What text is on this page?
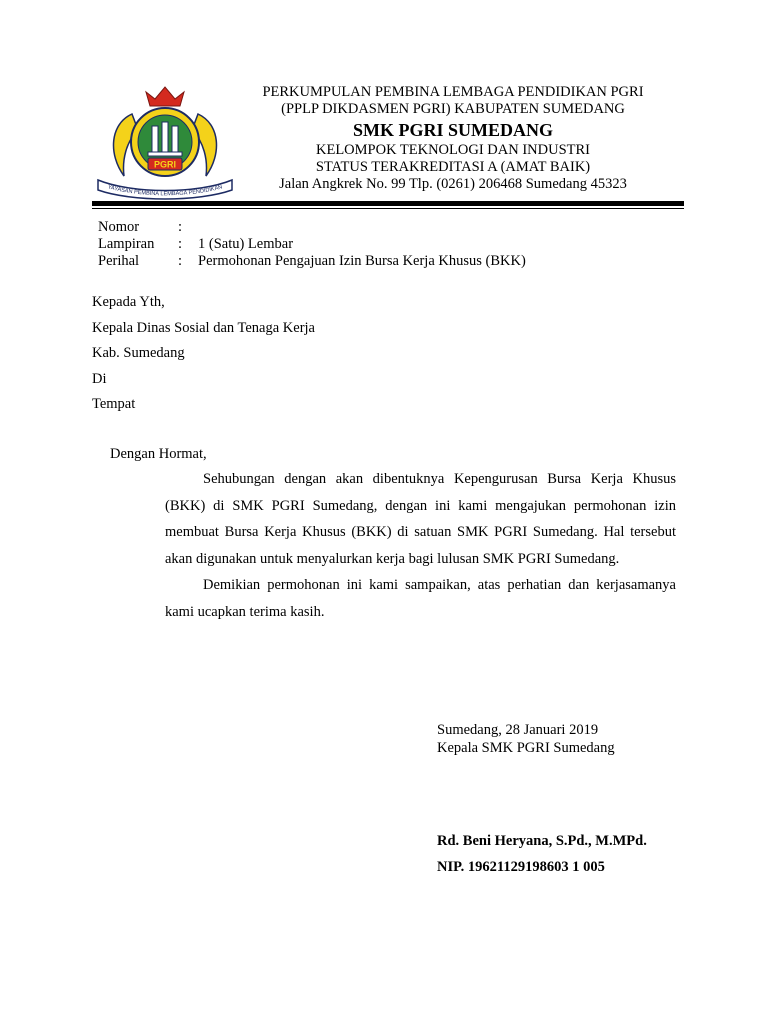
PGRI
YAYASAN PEMBINA LEMBAGA PENDIDIKAN
PERKUMPULAN PEMBINA LEMBAGA PENDIDIKAN PGRI
(PPLP DIKDASMEN PGRI) KABUPATEN SUMEDANG
SMK PGRI SUMEDANG
KELOMPOK TEKNOLOGI DAN INDUSTRI
STATUS TERAKREDITASI A (AMAT BAIK)
Jalan Angkrek No. 99 Tlp. (0261) 206468 Sumedang 45323
Nomor	:
Lampiran	:	1 (Satu) Lembar
Perihal	:	Permohonan Pengajuan Izin Bursa Kerja Khusus (BKK)
Kepada Yth,
Kepala Dinas Sosial dan Tenaga Kerja
Kab. Sumedang
Di
Tempat
Dengan Hormat,

Sehubungan dengan akan dibentuknya Kepengurusan Bursa Kerja Khusus (BKK) di SMK PGRI Sumedang, dengan ini kami mengajukan permohonan izin membuat Bursa Kerja Khusus (BKK) di satuan SMK PGRI Sumedang. Hal tersebut akan digunakan untuk menyalurkan kerja bagi lulusan SMK PGRI Sumedang.

Demikian permohonan ini kami sampaikan, atas perhatian dan kerjasamanya kami ucapkan terima kasih.

Sumedang, 28 Januari 2019
Kepala SMK PGRI Sumedang
Rd. Beni Heryana, S.Pd., M.MPd.
NIP. 19621129198603 1 005
